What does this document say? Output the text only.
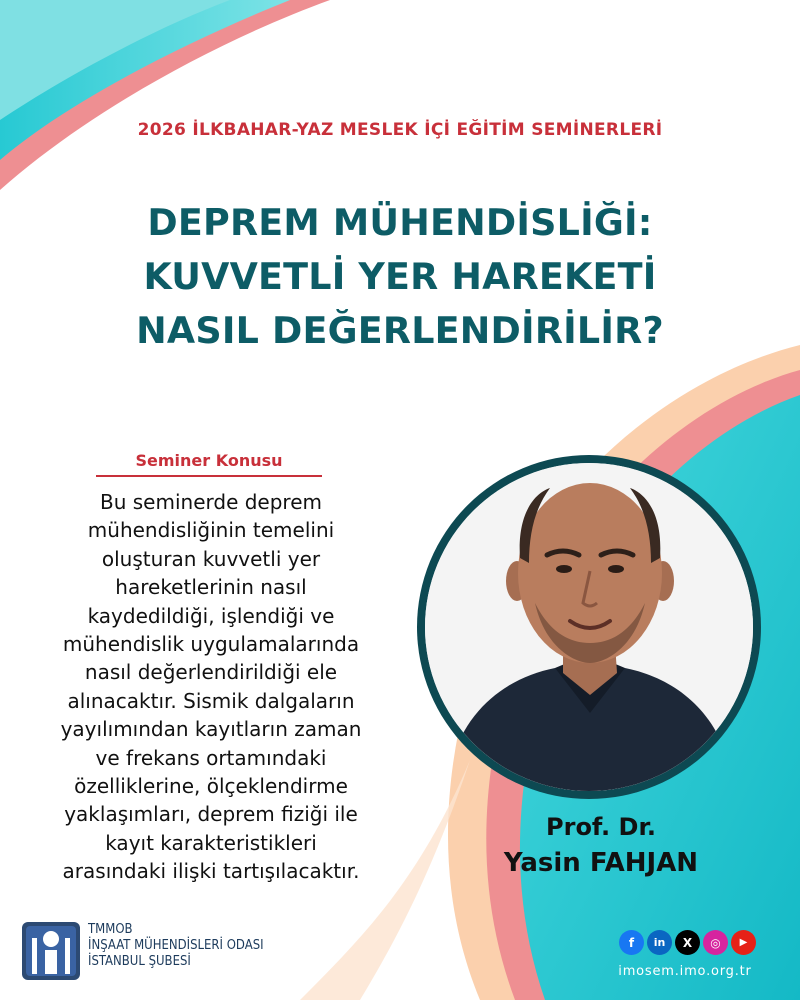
2026 İLKBAHAR-YAZ MESLEK İÇİ EĞİTİM SEMİNERLERİ
DEPREM MÜHENDİSLİĞİ:
KUVVETLİ YER HAREKETİ
NASIL DEĞERLENDİRİLİR?
Seminer Konusu
Bu seminerde deprem
mühendisliğinin temelini
oluşturan kuvvetli yer
hareketlerinin nasıl
kaydedildiği, işlendiği ve
mühendislik uygulamalarında
nasıl değerlendirildiği ele
alınacaktır. Sismik dalgaların
yayılımından kayıtların zaman
ve frekans ortamındaki
özelliklerine, ölçeklendirme
yaklaşımları, deprem fiziği ile
kayıt karakteristikleri
arasındaki ilişki tartışılacaktır.
Prof. Dr.
Yasin FAHJAN
TMMOB
İNŞAAT MÜHENDİSLERİ ODASI
İSTANBUL ŞUBESİ
f	in	X	◎	▶
imosem.imo.org.tr
